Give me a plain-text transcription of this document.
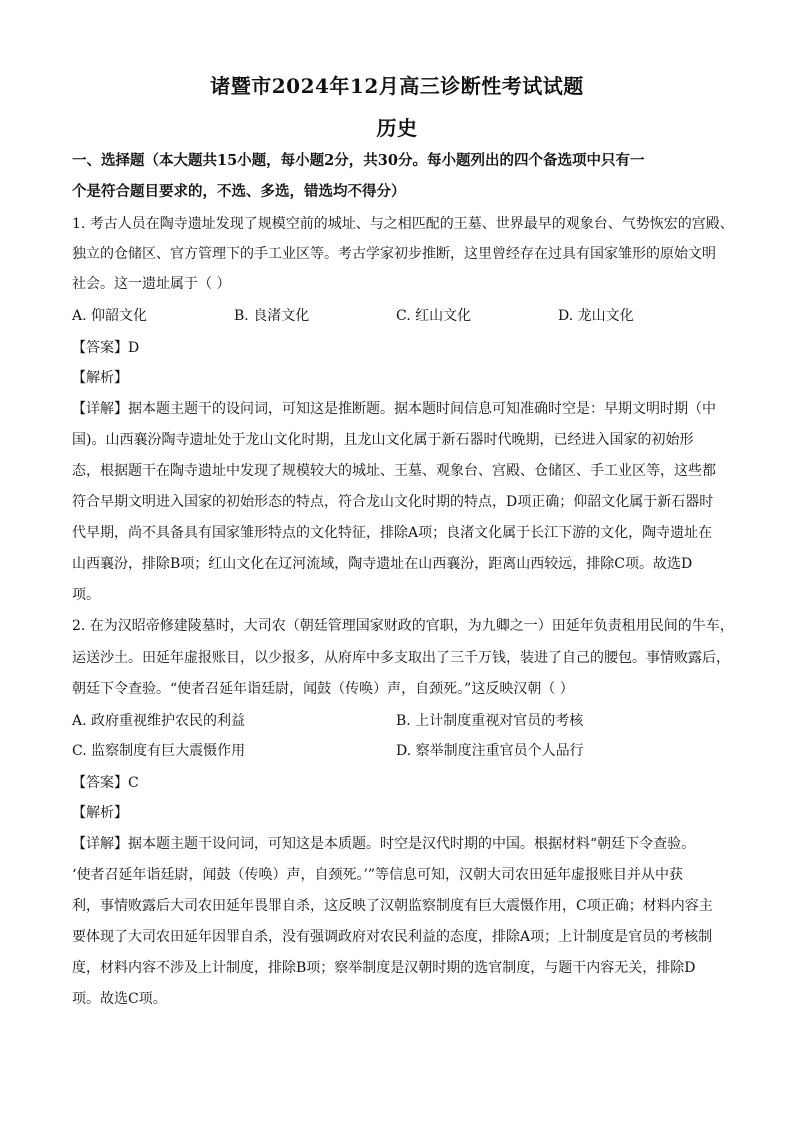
诸暨市2024年12月高三诊断性考试试题
历史
一、选择题（本大题共15小题，每小题2分，共30分。每小题列出的四个备选项中只有一
个是符合题目要求的，不选、多选，错选均不得分）
1. 考古人员在陶寺遗址发现了规模空前的城址、与之相匹配的王墓、世界最早的观象台、气势恢宏的宫殿、
独立的仓储区、官方管理下的手工业区等。考古学家初步推断，这里曾经存在过具有国家雏形的原始文明
社会。这一遗址属于（ ）
A. 仰韶文化	B. 良渚文化	C. 红山文化	D. 龙山文化
【答案】D
【解析】
【详解】据本题主题干的设问词，可知这是推断题。据本题时间信息可知准确时空是：早期文明时期（中
国)。山西襄汾陶寺遗址处于龙山文化时期，且龙山文化属于新石器时代晚期，已经进入国家的初始形
态，根据题干在陶寺遗址中发现了规模较大的城址、王墓、观象台、宫殿、仓储区、手工业区等，这些都
符合早期文明进入国家的初始形态的特点，符合龙山文化时期的特点，D项正确；仰韶文化属于新石器时
代早期，尚不具备具有国家雏形特点的文化特征，排除A项；良渚文化属于长江下游的文化，陶寺遗址在
山西襄汾，排除B项；红山文化在辽河流域，陶寺遗址在山西襄汾，距离山西较远，排除C项。故选D
项。
2. 在为汉昭帝修建陵墓时，大司农（朝廷管理国家财政的官职，为九卿之一）田延年负责租用民间的牛车，
运送沙土。田延年虚报账目，以少报多，从府库中多支取出了三千万钱，装进了自己的腰包。事情败露后，
朝廷下令查验。“使者召延年诣廷尉，闻鼓（传唤）声，自颈死。”这反映汉朝（ ）
A. 政府重视维护农民的利益	B. 上计制度重视对官员的考核
C. 监察制度有巨大震慑作用	D. 察举制度注重官员个人品行
【答案】C
【解析】
【详解】据本题主题干设问词，可知这是本质题。时空是汉代时期的中国。根据材料“朝廷下令查验。
‘使者召延年诣廷尉，闻鼓（传唤）声，自颈死。’”等信息可知，汉朝大司农田延年虚报账目并从中获
利，事情败露后大司农田延年畏罪自杀，这反映了汉朝监察制度有巨大震慑作用，C项正确；材料内容主
要体现了大司农田延年因罪自杀，没有强调政府对农民利益的态度，排除A项；上计制度是官员的考核制
度，材料内容不涉及上计制度，排除B项；察举制度是汉朝时期的选官制度，与题干内容无关，排除D
项。故选C项。
